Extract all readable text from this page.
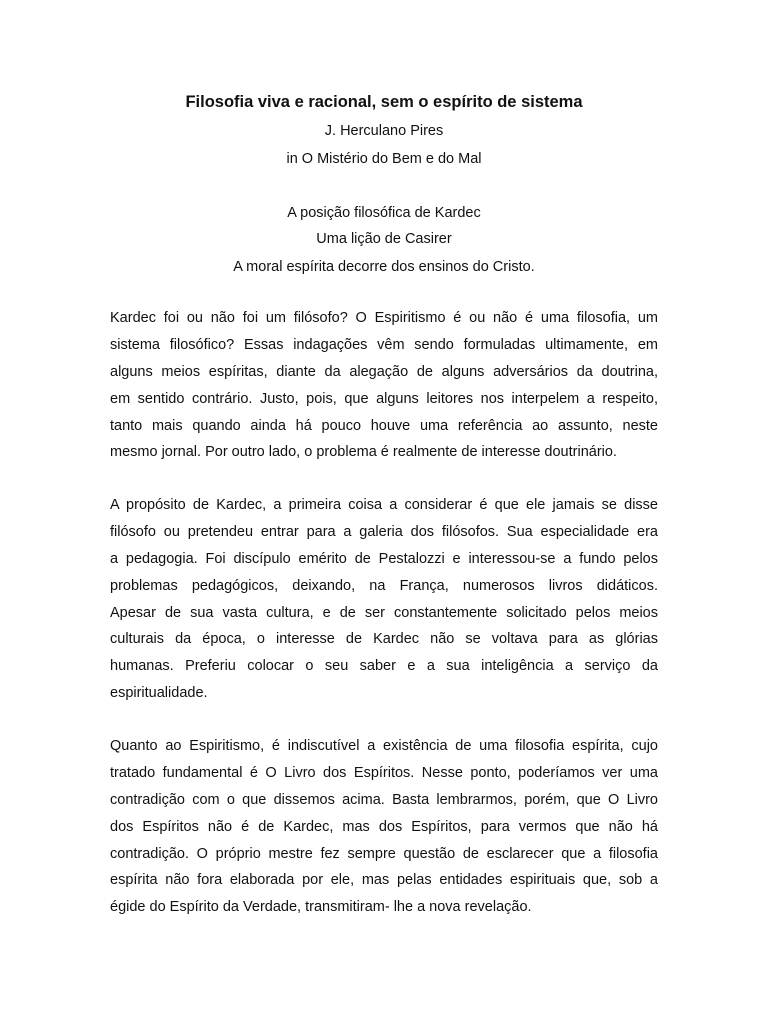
Filosofia viva e racional, sem o espírito de sistema
J. Herculano Pires
in O Mistério do Bem e do Mal
A posição filosófica de Kardec
Uma lição de Casirer
A moral espírita decorre dos ensinos do Cristo.
Kardec foi ou não foi um filósofo? O Espiritismo é ou não é uma filosofia, um
sistema filosófico? Essas indagações vêm sendo formuladas ultimamente, em
alguns meios espíritas, diante da alegação de alguns adversários da doutrina,
em sentido contrário. Justo, pois, que alguns leitores nos interpelem a respeito,
tanto mais quando ainda há pouco houve uma referência ao assunto, neste
mesmo jornal. Por outro lado, o problema é realmente de interesse doutrinário.
A propósito de Kardec, a primeira coisa a considerar é que ele jamais se disse
filósofo ou pretendeu entrar para a galeria dos filósofos. Sua especialidade era
a pedagogia. Foi discípulo emérito de Pestalozzi e interessou-se a fundo pelos
problemas pedagógicos, deixando, na França, numerosos livros didáticos.
Apesar de sua vasta cultura, e de ser constantemente solicitado pelos meios
culturais da época, o interesse de Kardec não se voltava para as glórias
humanas. Preferiu colocar o seu saber e a sua inteligência a serviço da
espiritualidade.
Quanto ao Espiritismo, é indiscutível a existência de uma filosofia espírita, cujo
tratado fundamental é O Livro dos Espíritos. Nesse ponto, poderíamos ver uma
contradição com o que dissemos acima. Basta lembrarmos, porém, que O Livro
dos Espíritos não é de Kardec, mas dos Espíritos, para vermos que não há
contradição. O próprio mestre fez sempre questão de esclarecer que a filosofia
espírita não fora elaborada por ele, mas pelas entidades espirituais que, sob a
égide do Espírito da Verdade, transmitiram- lhe a nova revelação.
